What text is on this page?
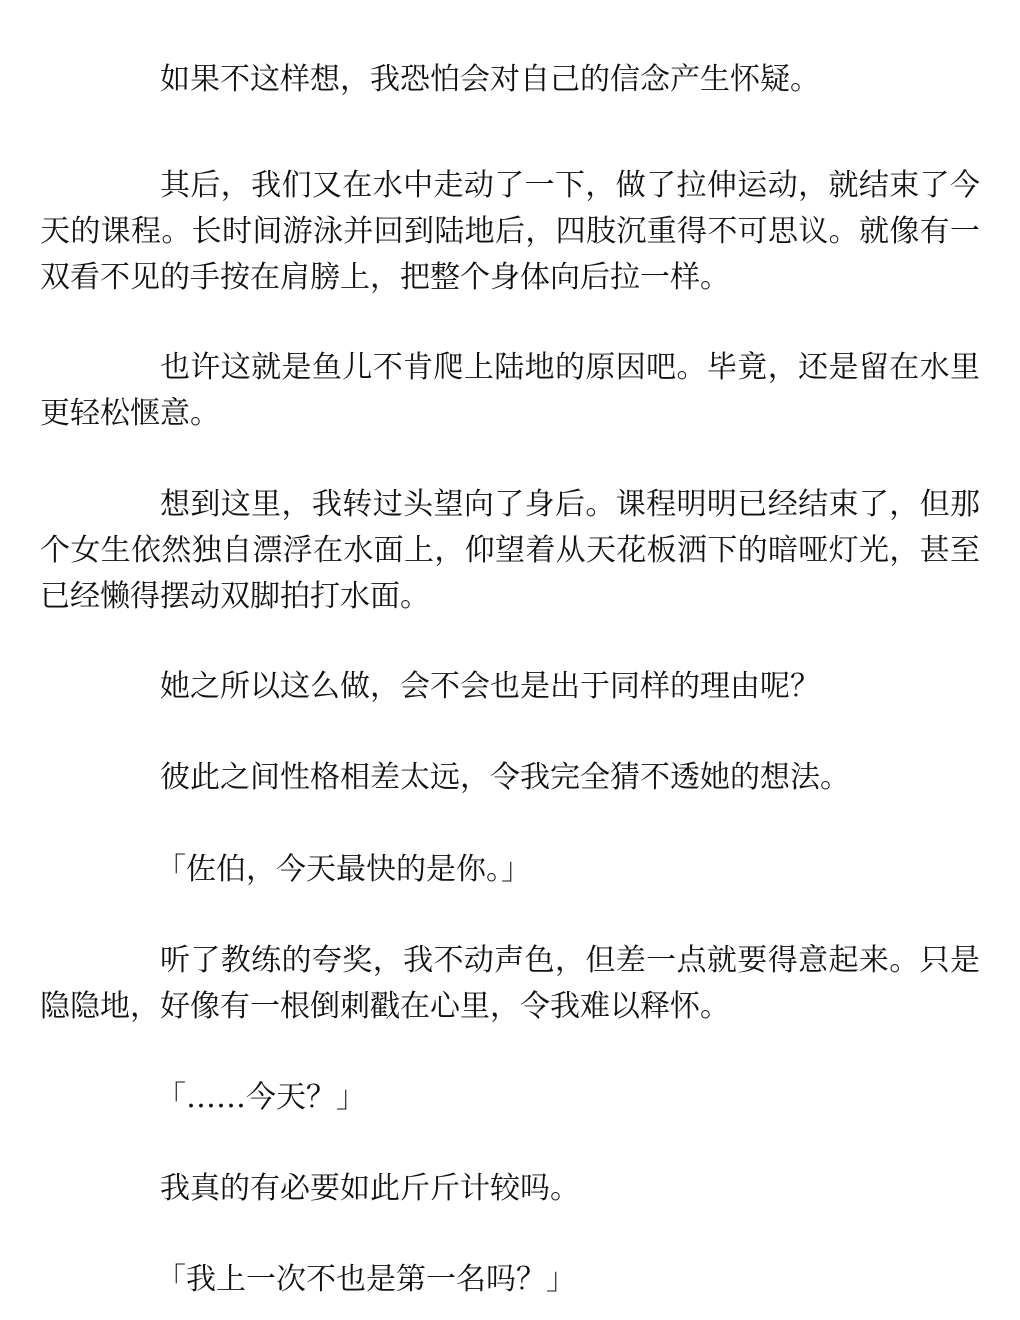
如果不这样想，我恐怕会对自己的信念产生怀疑。

其后，我们又在水中走动了一下，做了拉伸运动，就结束了今天的课程。长时间游泳并回到陆地后，四肢沉重得不可思议。就像有一双看不见的手按在肩膀上，把整个身体向后拉一样。

也许这就是鱼儿不肯爬上陆地的原因吧。毕竟，还是留在水里更轻松惬意。

想到这里，我转过头望向了身后。课程明明已经结束了，但那个女生依然独自漂浮在水面上，仰望着从天花板洒下的暗哑灯光，甚至已经懒得摆动双脚拍打水面。

她之所以这么做，会不会也是出于同样的理由呢？

彼此之间性格相差太远，令我完全猜不透她的想法。

「佐伯，今天最快的是你。」

听了教练的夸奖，我不动声色，但差一点就要得意起来。只是隐隐地，好像有一根倒刺戳在心里，令我难以释怀。

「……今天？」

我真的有必要如此斤斤计较吗。

「我上一次不也是第一名吗？」
